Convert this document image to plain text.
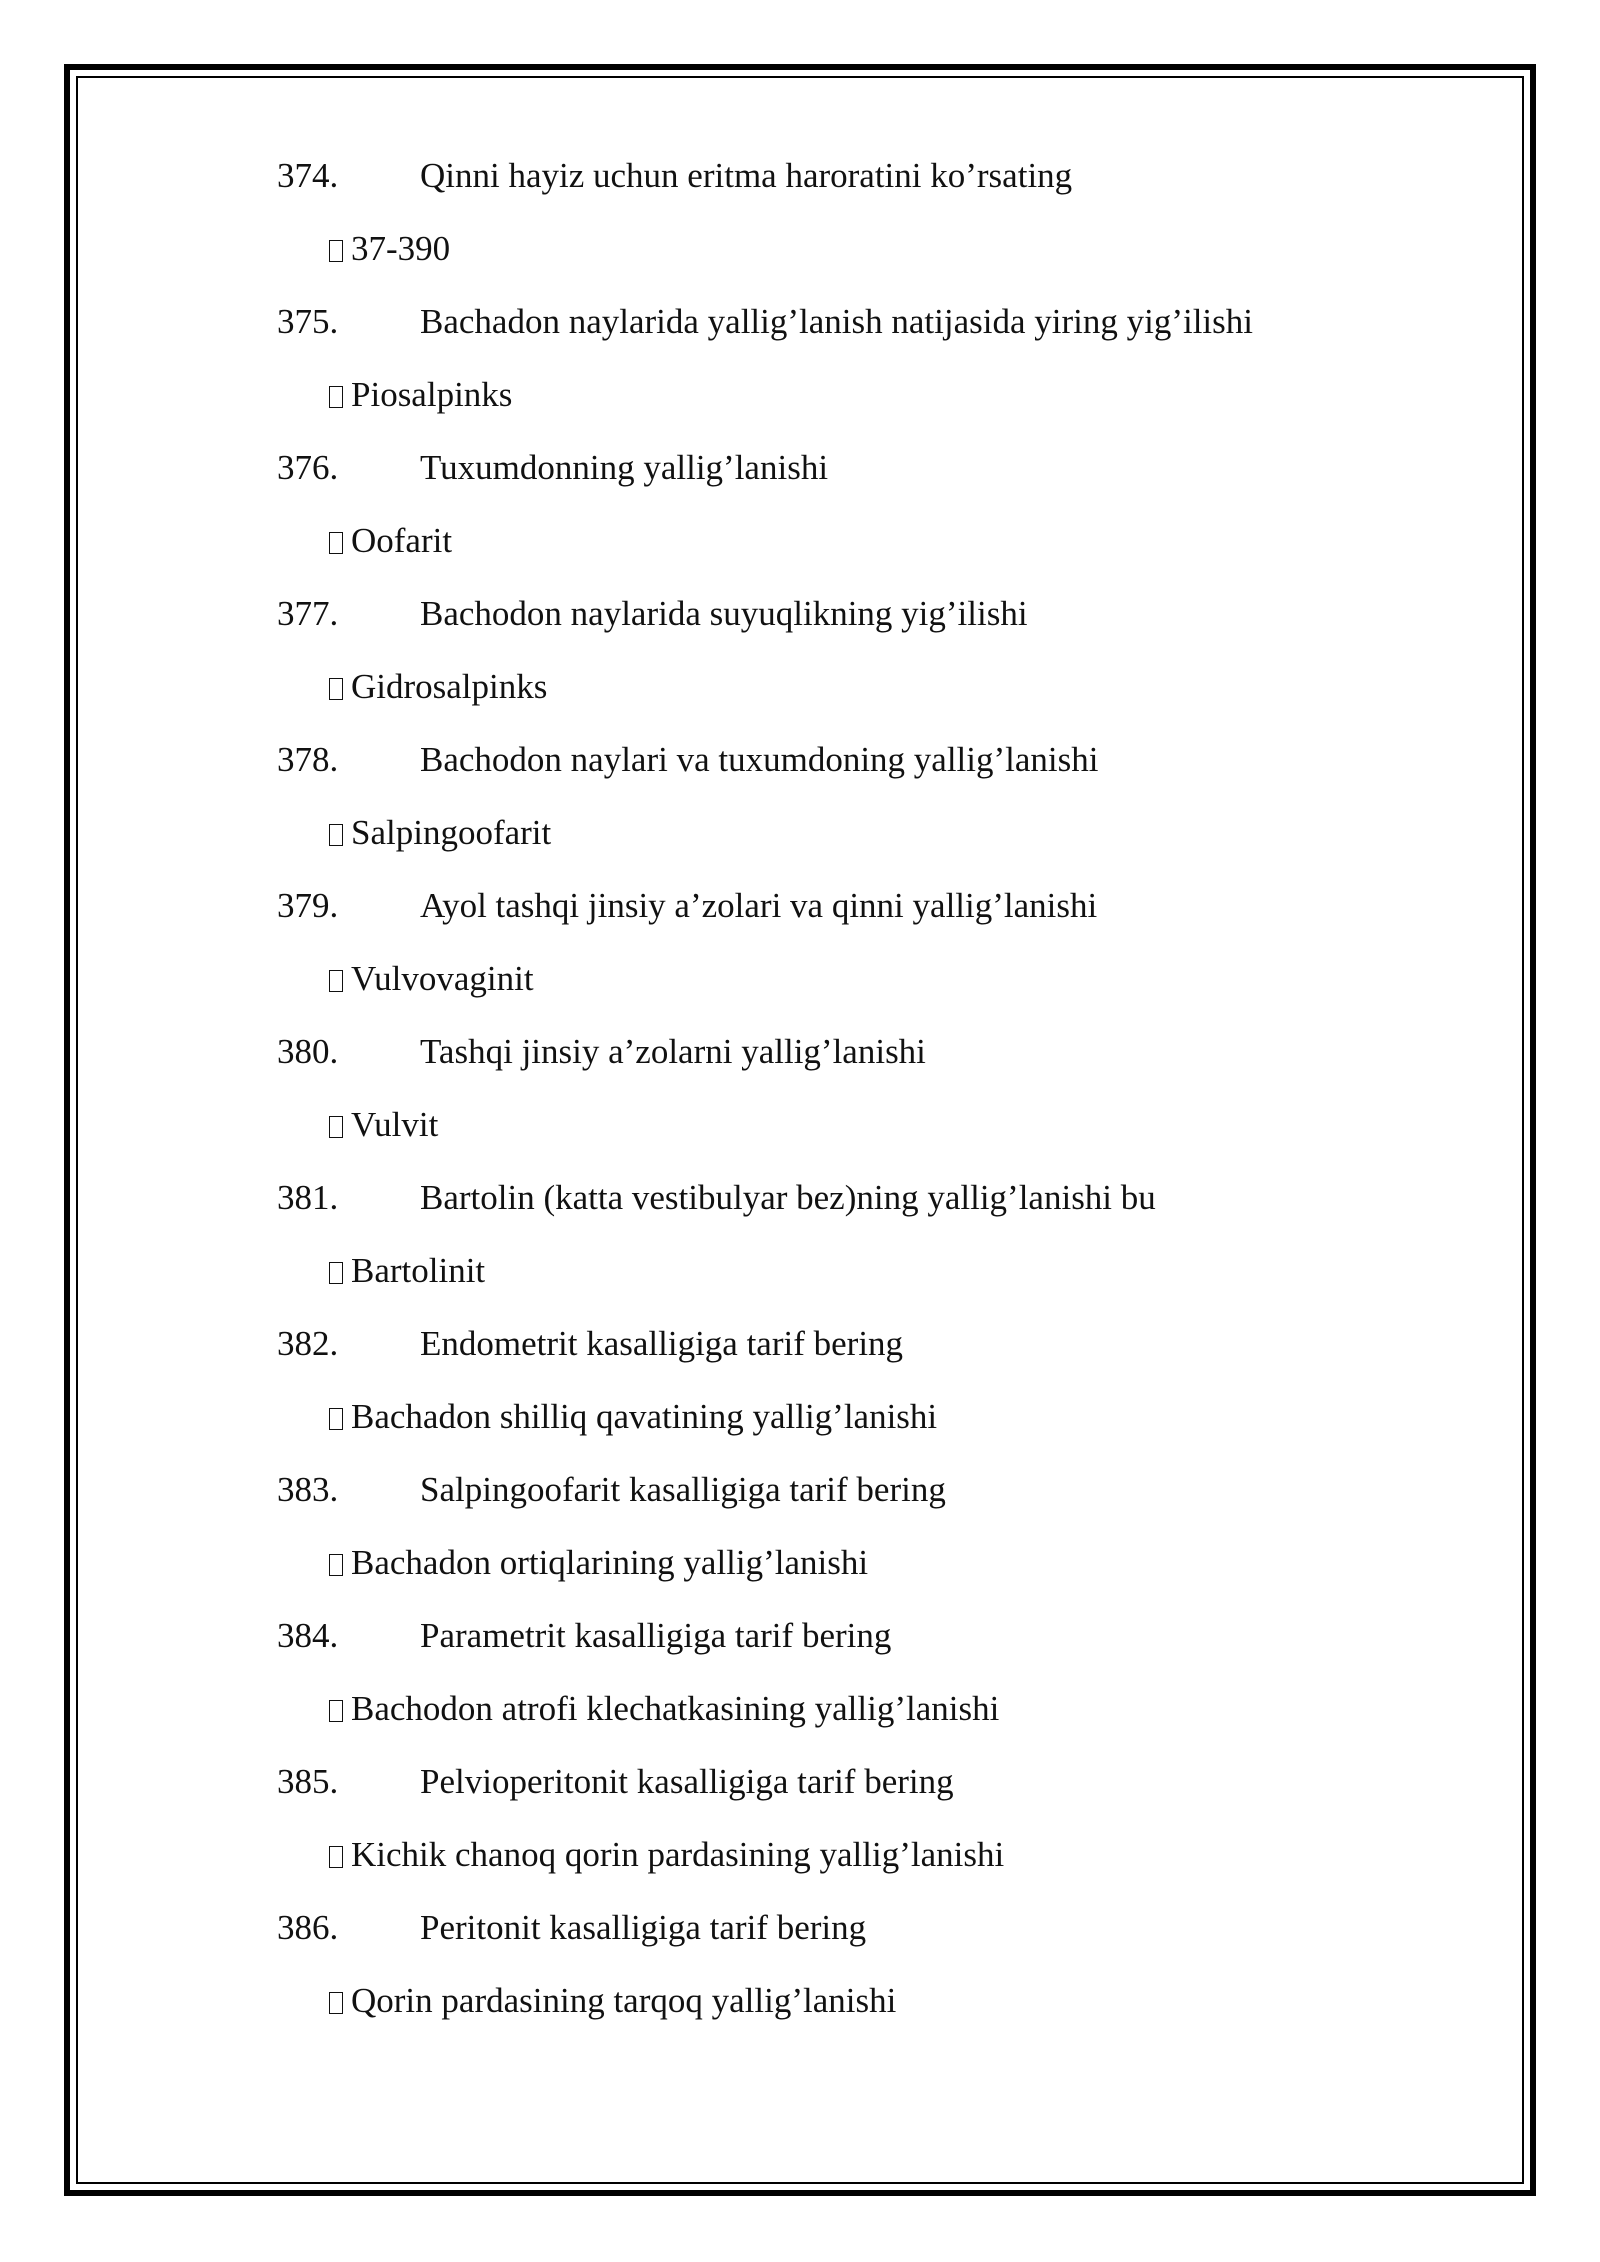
374. Qinni hayiz uchun eritma haroratini ko’rsating
37-390
375. Bachadon naylarida yallig’lanish natijasida yiring yig’ilishi
Piosalpinks
376. Tuxumdonning yallig’lanishi
Oofarit
377. Bachodon naylarida suyuqlikning yig’ilishi
Gidrosalpinks
378. Bachodon naylari va tuxumdoning yallig’lanishi
Salpingoofarit
379. Ayol tashqi jinsiy a’zolari va qinni yallig’lanishi
Vulvovaginit
380. Tashqi jinsiy a’zolarni yallig’lanishi
Vulvit
381. Bartolin (katta vestibulyar bez)ning yallig’lanishi bu
Bartolinit
382. Endometrit kasalligiga tarif bering
Bachadon shilliq qavatining yallig’lanishi
383. Salpingoofarit kasalligiga tarif bering
Bachadon ortiqlarining yallig’lanishi
384. Parametrit kasalligiga tarif bering
Bachodon atrofi klechatkasining yallig’lanishi
385. Pelvioperitonit kasalligiga tarif bering
Kichik chanoq qorin pardasining yallig’lanishi
386. Peritonit kasalligiga tarif bering
Qorin pardasining tarqoq yallig’lanishi
